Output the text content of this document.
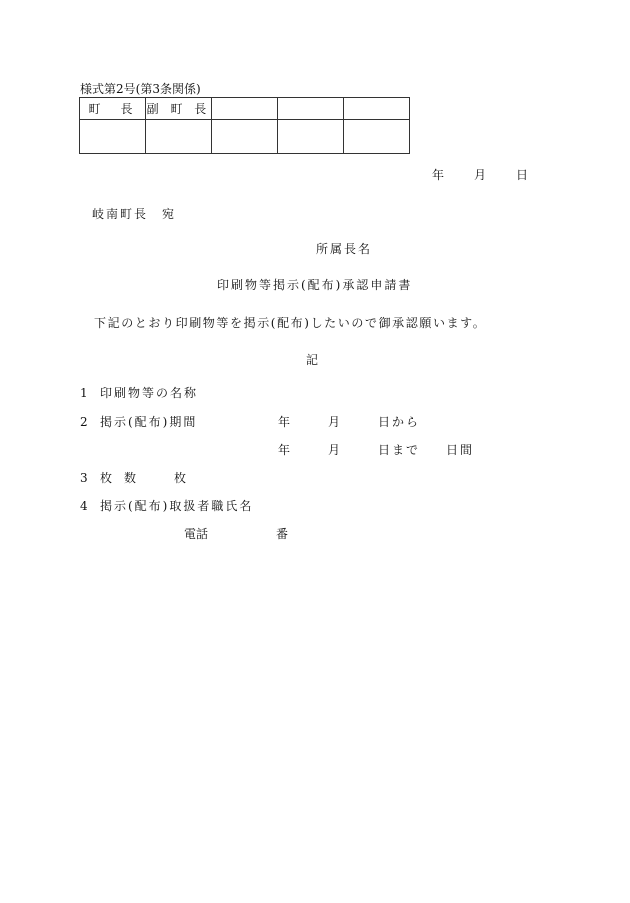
様式第2号(第3条関係)
町　長	副 町 長			

年	月	日
岐南町長　宛
所属長名
印刷物等掲示(配布)承認申請書
下記のとおり印刷物等を掲示(配布)したいので御承認願います。
記
1 印刷物等の名称
2 掲示(配布)期間	年	月	日から
年	月	日まで 日間
3 枚　数	枚
4 掲示(配布)取扱者職氏名
電話	番
